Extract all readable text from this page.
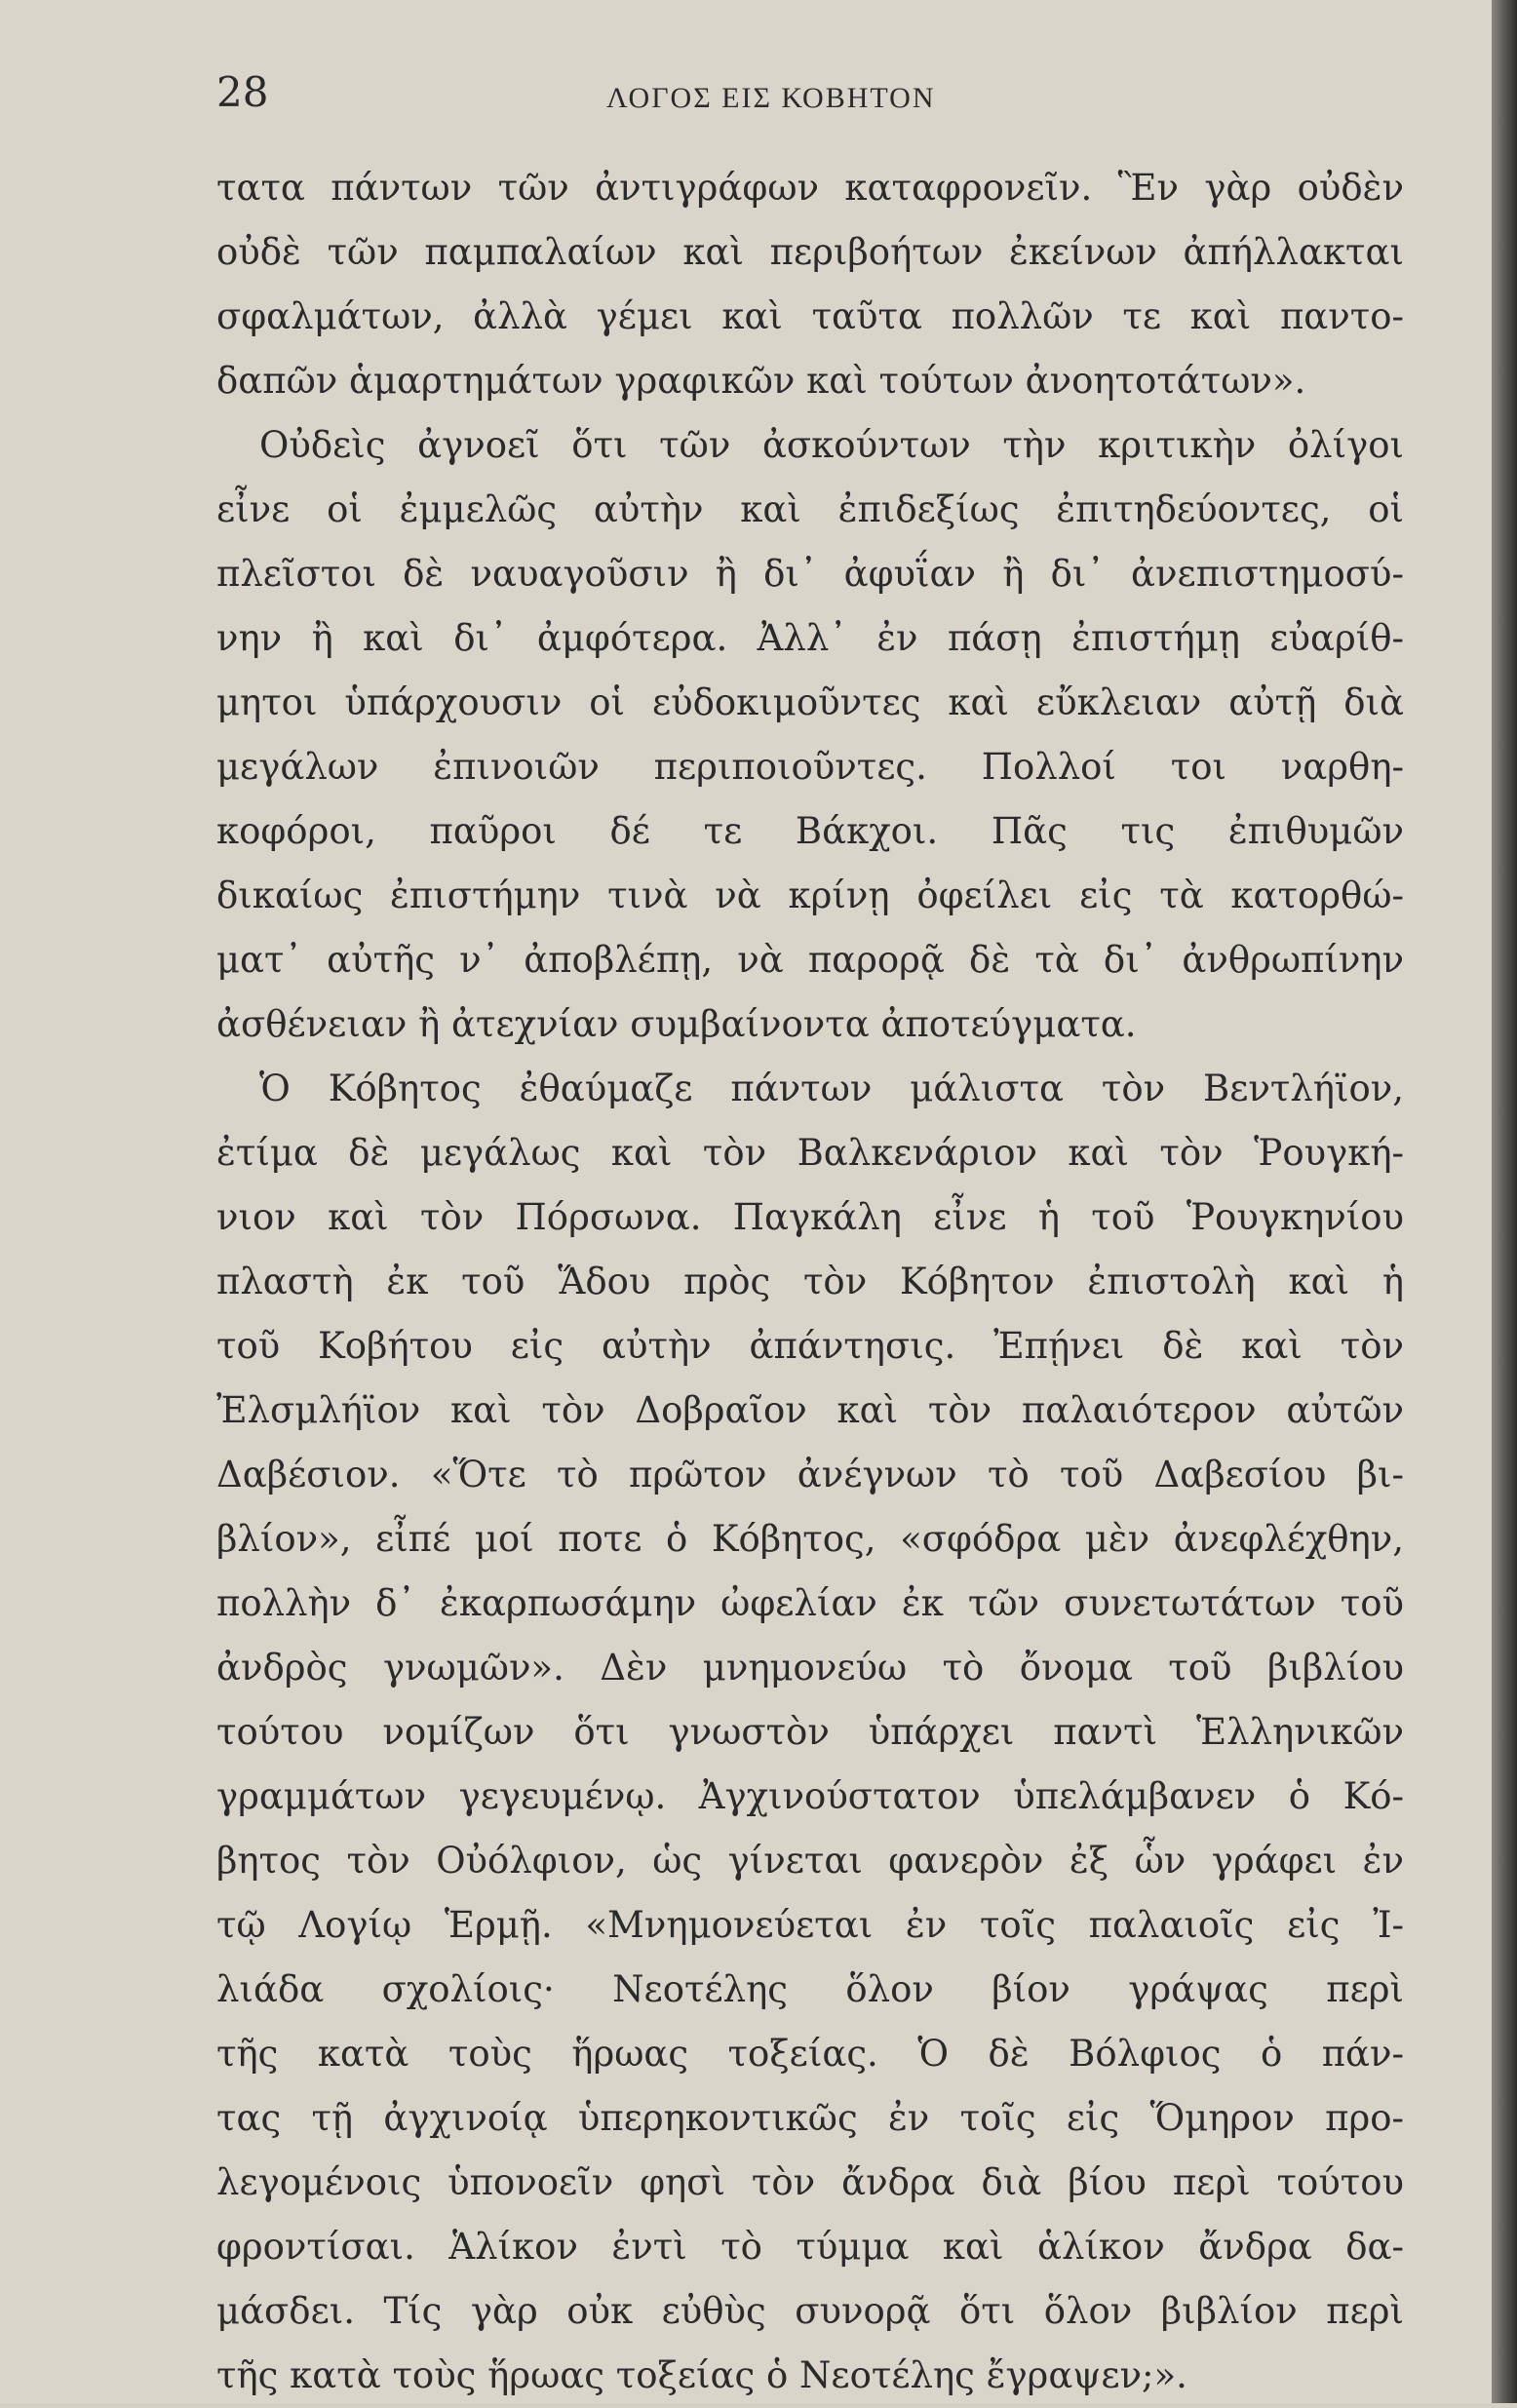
28	ΛΟΓΟΣ ΕΙΣ ΚΟΒΗΤΟΝ
τατα πάντων τῶν ἀντιγράφων καταφρονεῖν. Ἓν γὰρ οὐδὲν
οὐδὲ τῶν παμπαλαίων καὶ περιβοήτων ἐκείνων ἀπήλλακται
σφαλμάτων, ἀλλὰ γέμει καὶ ταῦτα πολλῶν τε καὶ παντο-
δαπῶν ἁμαρτημάτων γραφικῶν καὶ τούτων ἀνοητοτάτων».
Οὐδεὶς ἀγνοεῖ ὅτι τῶν ἀσκούντων τὴν κριτικὴν ὀλίγοι
εἶνε οἱ ἐμμελῶς αὐτὴν καὶ ἐπιδεξίως ἐπιτηδεύοντες, οἱ
πλεῖστοι δὲ ναυαγοῦσιν ἢ δι᾽ ἀφυΐαν ἢ δι᾽ ἀνεπιστημοσύ-
νην ἢ καὶ δι᾽ ἀμφότερα. Ἀλλ᾽ ἐν πάσῃ ἐπιστήμῃ εὐαρίθ-
μητοι ὑπάρχουσιν οἱ εὐδοκιμοῦντες καὶ εὔκλειαν αὐτῇ διὰ
μεγάλων ἐπινοιῶν περιποιοῦντες. Πολλοί τοι ναρθη-
κοφόροι, παῦροι δέ τε Βάκχοι. Πᾶς τις ἐπιθυμῶν
δικαίως ἐπιστήμην τινὰ νὰ κρίνῃ ὀφείλει εἰς τὰ κατορθώ-
ματ᾽ αὐτῆς ν᾽ ἀποβλέπῃ, νὰ παρορᾷ δὲ τὰ δι᾽ ἀνθρωπίνην
ἀσθένειαν ἢ ἀτεχνίαν συμβαίνοντα ἀποτεύγματα.
Ὁ Κόβητος ἐθαύμαζε πάντων μάλιστα τὸν Βεντλήϊον,
ἐτίμα δὲ μεγάλως καὶ τὸν Βαλκενάριον καὶ τὸν Ῥουγκή-
νιον καὶ τὸν Πόρσωνα. Παγκάλη εἶνε ἡ τοῦ Ῥουγκηνίου
πλαστὴ ἐκ τοῦ Ἅδου πρὸς τὸν Κόβητον ἐπιστολὴ καὶ ἡ
τοῦ Κοβήτου εἰς αὐτὴν ἀπάντησις. Ἐπῄνει δὲ καὶ τὸν
Ἐλσμλήϊον καὶ τὸν Δοβραῖον καὶ τὸν παλαιότερον αὐτῶν
Δαβέσιον. «Ὅτε τὸ πρῶτον ἀνέγνων τὸ τοῦ Δαβεσίου βι-
βλίον», εἶπέ μοί ποτε ὁ Κόβητος, «σφόδρα μὲν ἀνεφλέχθην,
πολλὴν δ᾽ ἐκαρπωσάμην ὠφελίαν ἐκ τῶν συνετωτάτων τοῦ
ἀνδρὸς γνωμῶν». Δὲν μνημονεύω τὸ ὄνομα τοῦ βιβλίου
τούτου νομίζων ὅτι γνωστὸν ὑπάρχει παντὶ Ἑλληνικῶν
γραμμάτων γεγευμένῳ. Ἀγχινούστατον ὑπελάμβανεν ὁ Κό-
βητος τὸν Οὐόλφιον, ὡς γίνεται φανερὸν ἐξ ὧν γράφει ἐν
τῷ Λογίῳ Ἑρμῇ. «Μνημονεύεται ἐν τοῖς παλαιοῖς εἰς Ἰ-
λιάδα σχολίοις· Νεοτέλης ὅλον βίον γράψας περὶ
τῆς κατὰ τοὺς ἥρωας τοξείας. Ὁ δὲ Βόλφιος ὁ πάν-
τας τῇ ἀγχινοίᾳ ὑπερηκοντικῶς ἐν τοῖς εἰς Ὅμηρον προ-
λεγομένοις ὑπονοεῖν φησὶ τὸν ἄνδρα διὰ βίου περὶ τούτου
φροντίσαι. Ἁλίκον ἐντὶ τὸ τύμμα καὶ ἁλίκον ἄνδρα δα-
μάσδει. Τίς γὰρ οὐκ εὐθὺς συνορᾷ ὅτι ὅλον βιβλίον περὶ
τῆς κατὰ τοὺς ἥρωας τοξείας ὁ Νεοτέλης ἔγραψεν;».
